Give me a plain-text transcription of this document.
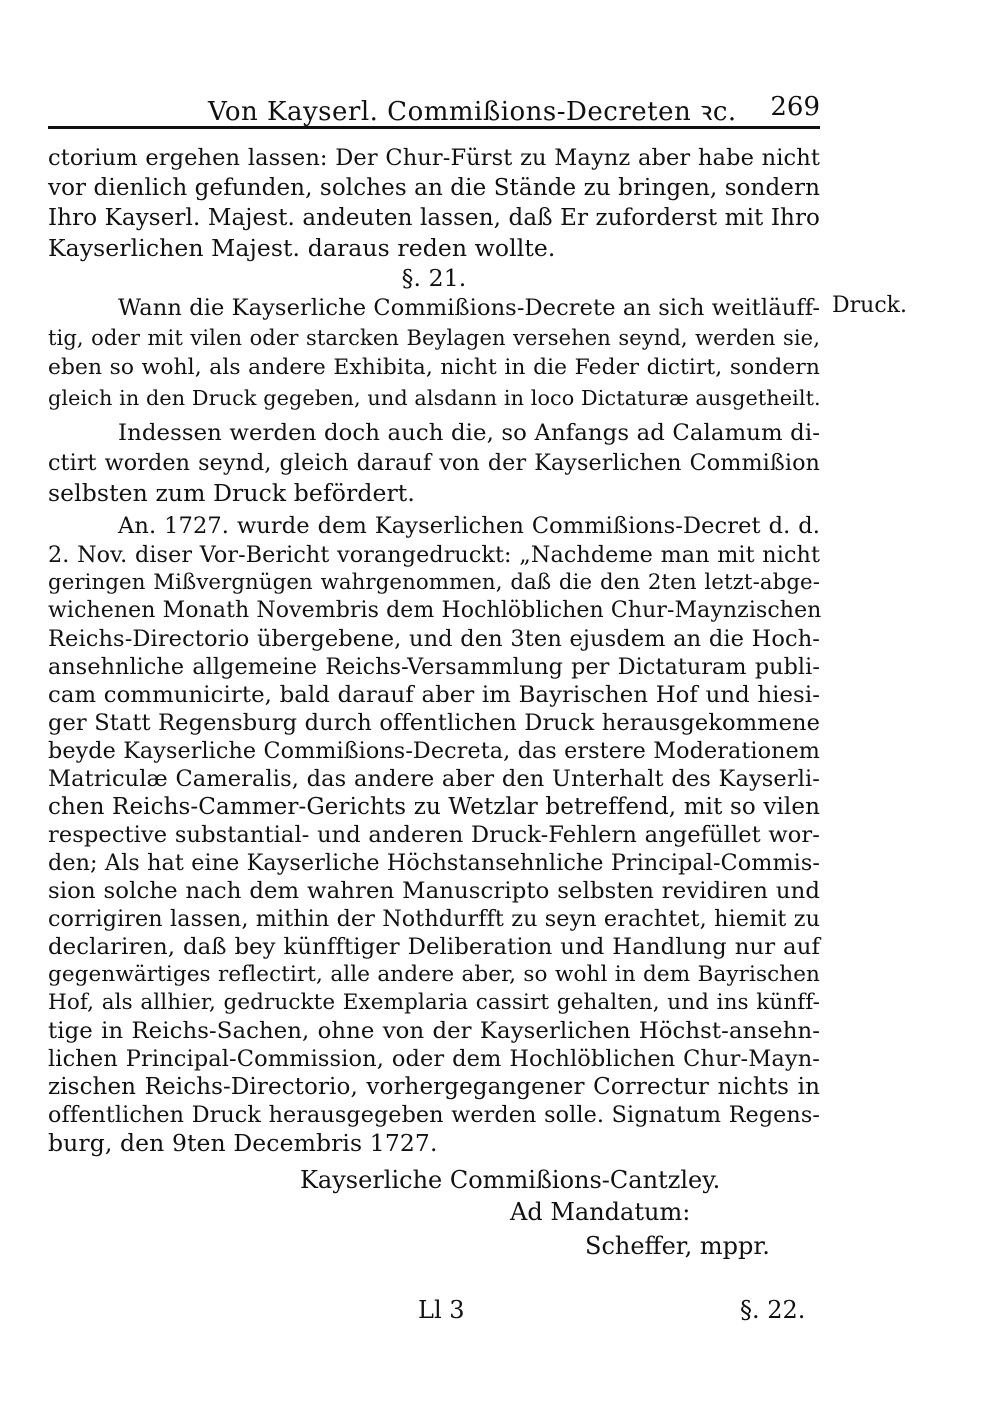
Von Kayserl. Commißions-Decreten ꝛc. 269
Druck.
ctorium ergehen lassen: Der Chur-Fürst zu Maynz aber habe nicht
vor dienlich gefunden, solches an die Stände zu bringen, sondern
Ihro Kayserl. Majest. andeuten lassen, daß Er zuforderst mit Ihro
Kayserlichen Majest. daraus reden wollte.
§. 21.
Wann die Kayserliche Commißions-Decrete an sich weitläuff-
tig, oder mit vilen oder starcken Beylagen versehen seynd, werden sie,
eben so wohl, als andere Exhibita, nicht in die Feder dictirt, sondern
gleich in den Druck gegeben, und alsdann in loco Dictaturæ ausgetheilt.
Indessen werden doch auch die, so Anfangs ad Calamum di-
ctirt worden seynd, gleich darauf von der Kayserlichen Commißion
selbsten zum Druck befördert.
An. 1727. wurde dem Kayserlichen Commißions-Decret d. d.
2. Nov. diser Vor-Bericht vorangedruckt: „Nachdeme man mit nicht
geringen Mißvergnügen wahrgenommen, daß die den 2ten letzt-abge-
wichenen Monath Novembris dem Hochlöblichen Chur-Maynzischen
Reichs-Directorio übergebene, und den 3ten ejusdem an die Hoch-
ansehnliche allgemeine Reichs-Versammlung per Dictaturam publi-
cam communicirte, bald darauf aber im Bayrischen Hof und hiesi-
ger Statt Regensburg durch offentlichen Druck herausgekommene
beyde Kayserliche Commißions-Decreta, das erstere Moderationem
Matriculæ Cameralis, das andere aber den Unterhalt des Kayserli-
chen Reichs-Cammer-Gerichts zu Wetzlar betreffend, mit so vilen
respective substantial- und anderen Druck-Fehlern angefüllet wor-
den; Als hat eine Kayserliche Höchstansehnliche Principal-Commis-
sion solche nach dem wahren Manuscripto selbsten revidiren und
corrigiren lassen, mithin der Nothdurfft zu seyn erachtet, hiemit zu
declariren, daß bey künfftiger Deliberation und Handlung nur auf
gegenwärtiges reflectirt, alle andere aber, so wohl in dem Bayrischen
Hof, als allhier, gedruckte Exemplaria cassirt gehalten, und ins künff-
tige in Reichs-Sachen, ohne von der Kayserlichen Höchst-ansehn-
lichen Principal-Commission, oder dem Hochlöblichen Chur-Mayn-
zischen Reichs-Directorio, vorhergegangener Correctur nichts in
offentlichen Druck herausgegeben werden solle. Signatum Regens-
burg, den 9ten Decembris 1727.
Kayserliche Commißions-Cantzley.
Ad Mandatum:
Scheffer, mppr.
Ll 3	§. 22.
